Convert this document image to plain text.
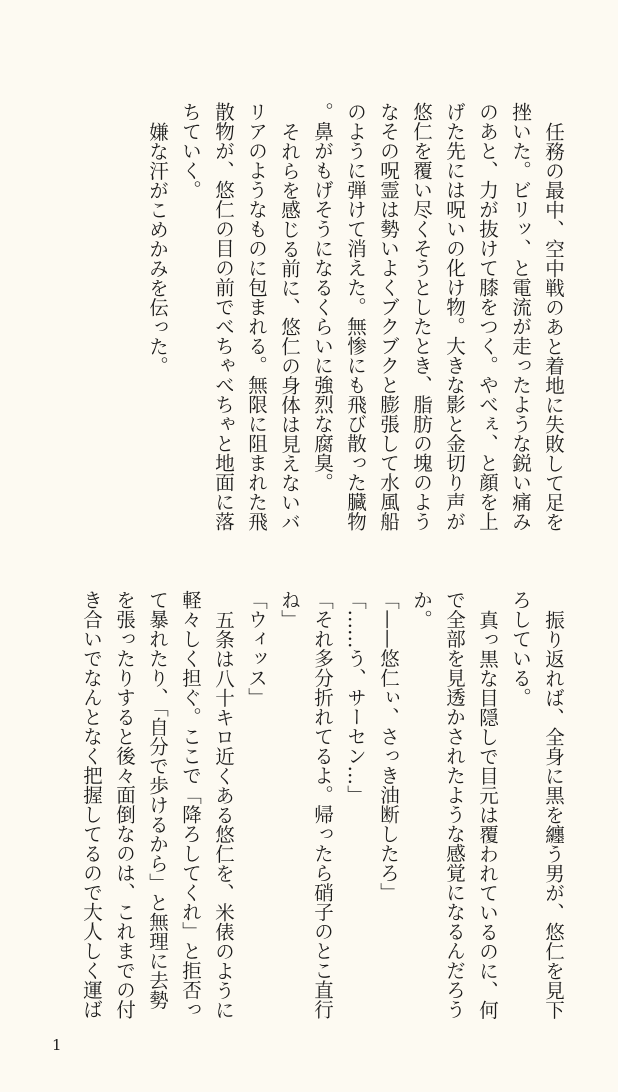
任務の最中、空中戦のあと着地に失敗して足を挫いた。ビリッ、と電流が走ったような鋭い痛みのあと、力が抜けて膝をつく。やべぇ、と顔を上げた先には呪いの化け物。大きな影と金切り声が悠仁を覆い尽くそうとしたとき、脂肪の塊のようなその呪霊は勢いよくブクブクと膨張して水風船のように弾けて消えた。無惨にも飛び散った臓物。鼻がもげそうになるくらいに強烈な腐臭。

それらを感じる前に、悠仁の身体は見えないバリアのようなものに包まれる。無限に阻まれた飛散物が、悠仁の目の前でべちゃべちゃと地面に落ちていく。

嫌な汗がこめかみを伝った。

振り返れば、全身に黒を纏う男が、悠仁を見下ろしている。

真っ黒な目隠しで目元は覆われているのに、何で全部を見透かされたような感覚になるんだろうか。

「——悠仁ぃ、さっき油断したろ」

「……う、サーセン…」

「それ多分折れてるよ。帰ったら硝子のとこ直行ね」

「ウィッス」

五条は八十キロ近くある悠仁を、米俵のように軽々しく担ぐ。ここで「降ろしてくれ」と拒否って暴れたり、「自分で歩けるから」と無理に去勢を張ったりすると後々面倒なのは、これまでの付き合いでなんとなく把握してるので大人しく運ば

1
